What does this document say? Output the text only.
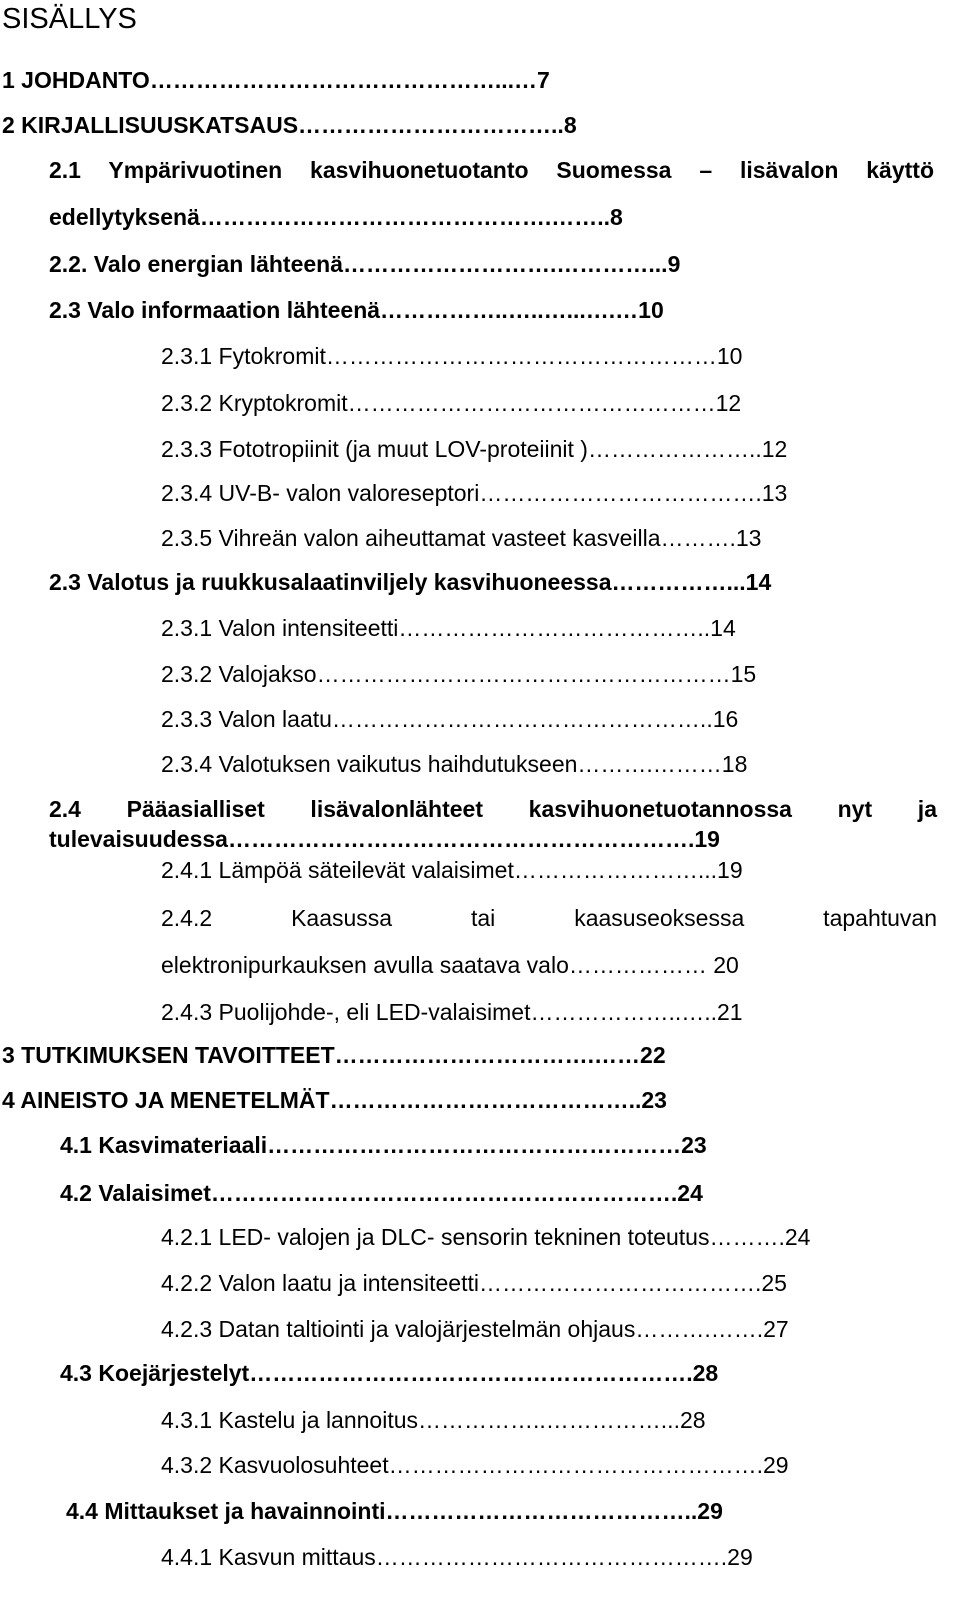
SISÄLLYS
1 JOHDANTO………………………………………...…7
2 KIRJALLISUUSKATSAUS……………………………..8
2.1 Ympärivuotinen kasvihuonetuotanto Suomessa – lisävalon käyttö
edellytyksenä……………………………………….……..8
2.2. Valo energian lähteenä……………………….…………...9
2.3 Valo informaation lähteenä……………..…..…...….…10
2.3.1 Fytokromit……………………………………………10
2.3.2 Kryptokromit…………………………………………12
2.3.3 Fototropiinit (ja muut LOV-proteiinit )…………………..12
2.3.4 UV-B- valon valoreseptori……………………………….13
2.3.5 Vihreän valon aiheuttamat vasteet kasveilla……….13
2.3 Valotus ja ruukkusalaatinviljely kasvihuoneessa……………...14
2.3.1 Valon intensiteetti…………………………………..14
2.3.2 Valojakso………………………………………………15
2.3.3 Valon laatu…………………………………………..16
2.3.4 Valotuksen vaikutus haihdutukseen……….………18
2.4 Pääasialliset lisävalonlähteet kasvihuonetuotannossa nyt ja
tulevaisuudessa…………………………………………………….19
2.4.1 Lämpöä säteilevät valaisimet……………………...19
2.4.2 Kaasussa tai kaasuseoksessa tapahtuvan
elektronipurkauksen avulla saatava valo……………… 20
2.4.3 Puolijohde-, eli LED-valaisimet………………..…..21
3 TUTKIMUKSEN TAVOITTEET…………………………….……22
4 AINEISTO JA MENETELMÄT…………………………………..23
4.1 Kasvimateriaali………………………………………………23
4.2 Valaisimet…………………………………………………….24
4.2.1 LED- valojen ja DLC- sensorin tekninen toteutus……….24
4.2.2 Valon laatu ja intensiteetti……………………………….25
4.2.3 Datan taltiointi ja valojärjestelmän ohjaus……….…….27
4.3 Koejärjestelyt………………………………………………….28
4.3.1 Kastelu ja lannoitus……………..……………...28
4.3.2 Kasvuolosuhteet………………………………………….29
4.4 Mittaukset ja havainnointi…………………………………..29
4.4.1 Kasvun mittaus……………………………………….29
